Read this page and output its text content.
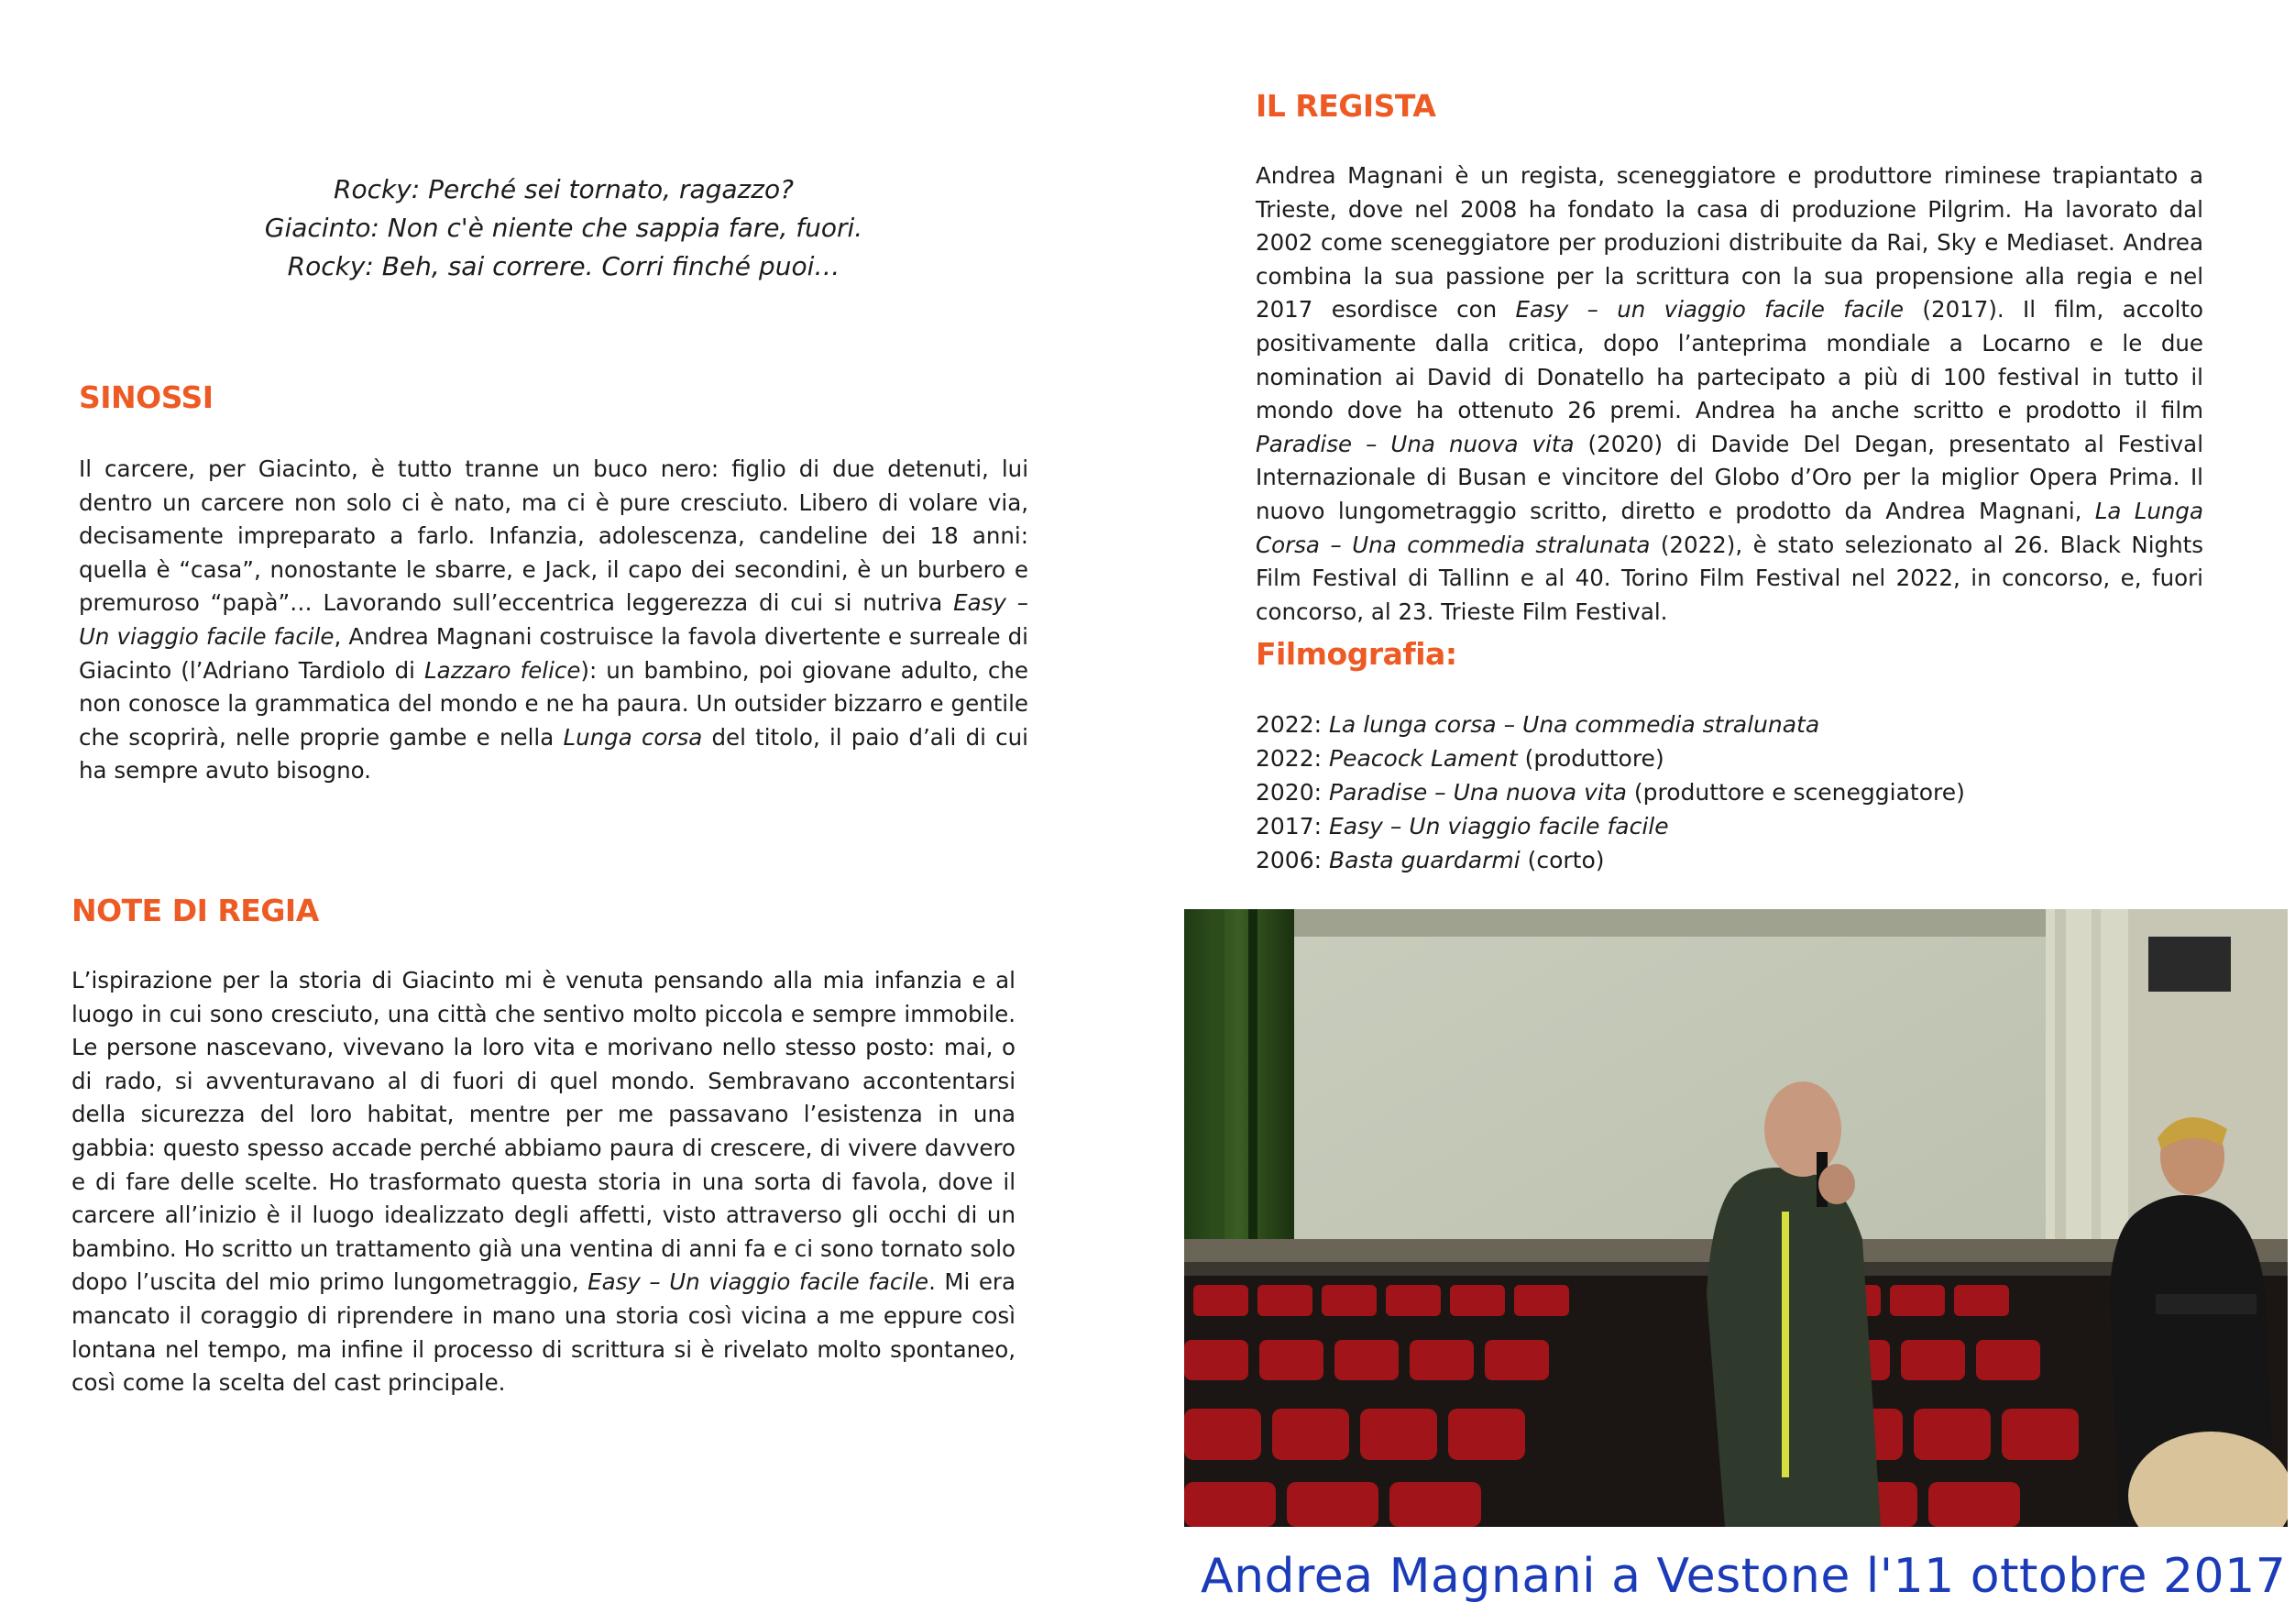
Rocky: Perché sei tornato, ragazzo?
Giacinto: Non c'è niente che sappia fare, fuori.
Rocky: Beh, sai correre. Corri finché puoi…
SINOSSI

Il carcere, per Giacinto, è tutto tranne un buco nero: figlio di due detenuti, lui dentro un carcere non solo ci è nato, ma ci è pure cresciuto. Libero di volare via, decisamente impreparato a farlo. Infanzia, adolescenza, candeline dei 18 anni: quella è “casa”, nonostante le sbarre, e Jack, il capo dei secondini, è un burbero e premuroso “papà”… Lavorando sull’eccentrica leggerezza di cui si nutriva Easy – Un viaggio facile facile, Andrea Magnani costruisce la favola divertente e surreale di Giacinto (l’Adriano Tardiolo di Lazzaro felice): un bambino, poi giovane adulto, che non conosce la grammatica del mondo e ne ha paura. Un outsider bizzarro e gentile che scoprirà, nelle proprie gambe e nella Lunga corsa del titolo, il paio d’ali di cui ha sempre avuto bisogno.

NOTE DI REGIA

L’ispirazione per la storia di Giacinto mi è venuta pensando alla mia infanzia e al luogo in cui sono cresciuto, una città che sentivo molto piccola e sempre immobile. Le persone nascevano, vivevano la loro vita e morivano nello stesso posto: mai, o di rado, si avventuravano al di fuori di quel mondo. Sembravano accontentarsi della sicurezza del loro habitat, mentre per me passavano l’esistenza in una gabbia: questo spesso accade perché abbiamo paura di crescere, di vivere davvero e di fare delle scelte. Ho trasformato questa storia in una sorta di favola, dove il carcere all’inizio è il luogo idealizzato degli affetti, visto attraverso gli occhi di un bambino. Ho scritto un trattamento già una ventina di anni fa e ci sono tornato solo dopo l’uscita del mio primo lungometraggio, Easy – Un viaggio facile facile. Mi era mancato il coraggio di riprendere in mano una storia così vicina a me eppure così lontana nel tempo, ma infine il processo di scrittura si è rivelato molto spontaneo, così come la scelta del cast principale.

IL REGISTA

Andrea Magnani è un regista, sceneggiatore e produttore riminese trapiantato a Trieste, dove nel 2008 ha fondato la casa di produzione Pilgrim. Ha lavorato dal 2002 come sceneggiatore per produzioni distribuite da Rai, Sky e Mediaset. Andrea combina la sua passione per la scrittura con la sua propensione alla regia e nel 2017 esordisce con Easy – un viaggio facile facile (2017). Il film, accolto positivamente dalla critica, dopo l’anteprima mondiale a Locarno e le due nomination ai David di Donatello ha partecipato a più di 100 festival in tutto il mondo dove ha ottenuto 26 premi. Andrea ha anche scritto e prodotto il film Paradise – Una nuova vita (2020) di Davide Del Degan, presentato al Festival Internazionale di Busan e vincitore del Globo d’Oro per la miglior Opera Prima. Il nuovo lungometraggio scritto, diretto e prodotto da Andrea Magnani, La Lunga Corsa – Una commedia stralunata (2022), è stato selezionato al 26. Black Nights Film Festival di Tallinn e al 40. Torino Film Festival nel 2022, in concorso, e, fuori concorso, al 23. Trieste Film Festival.

Filmografia:
2022: La lunga corsa – Una commedia stralunata
2022: Peacock Lament (produttore)
2020: Paradise – Una nuova vita (produttore e sceneggiatore)
2017: Easy – Un viaggio facile facile
2006: Basta guardarmi (corto)
Andrea Magnani a Vestone l'11 ottobre 2017
